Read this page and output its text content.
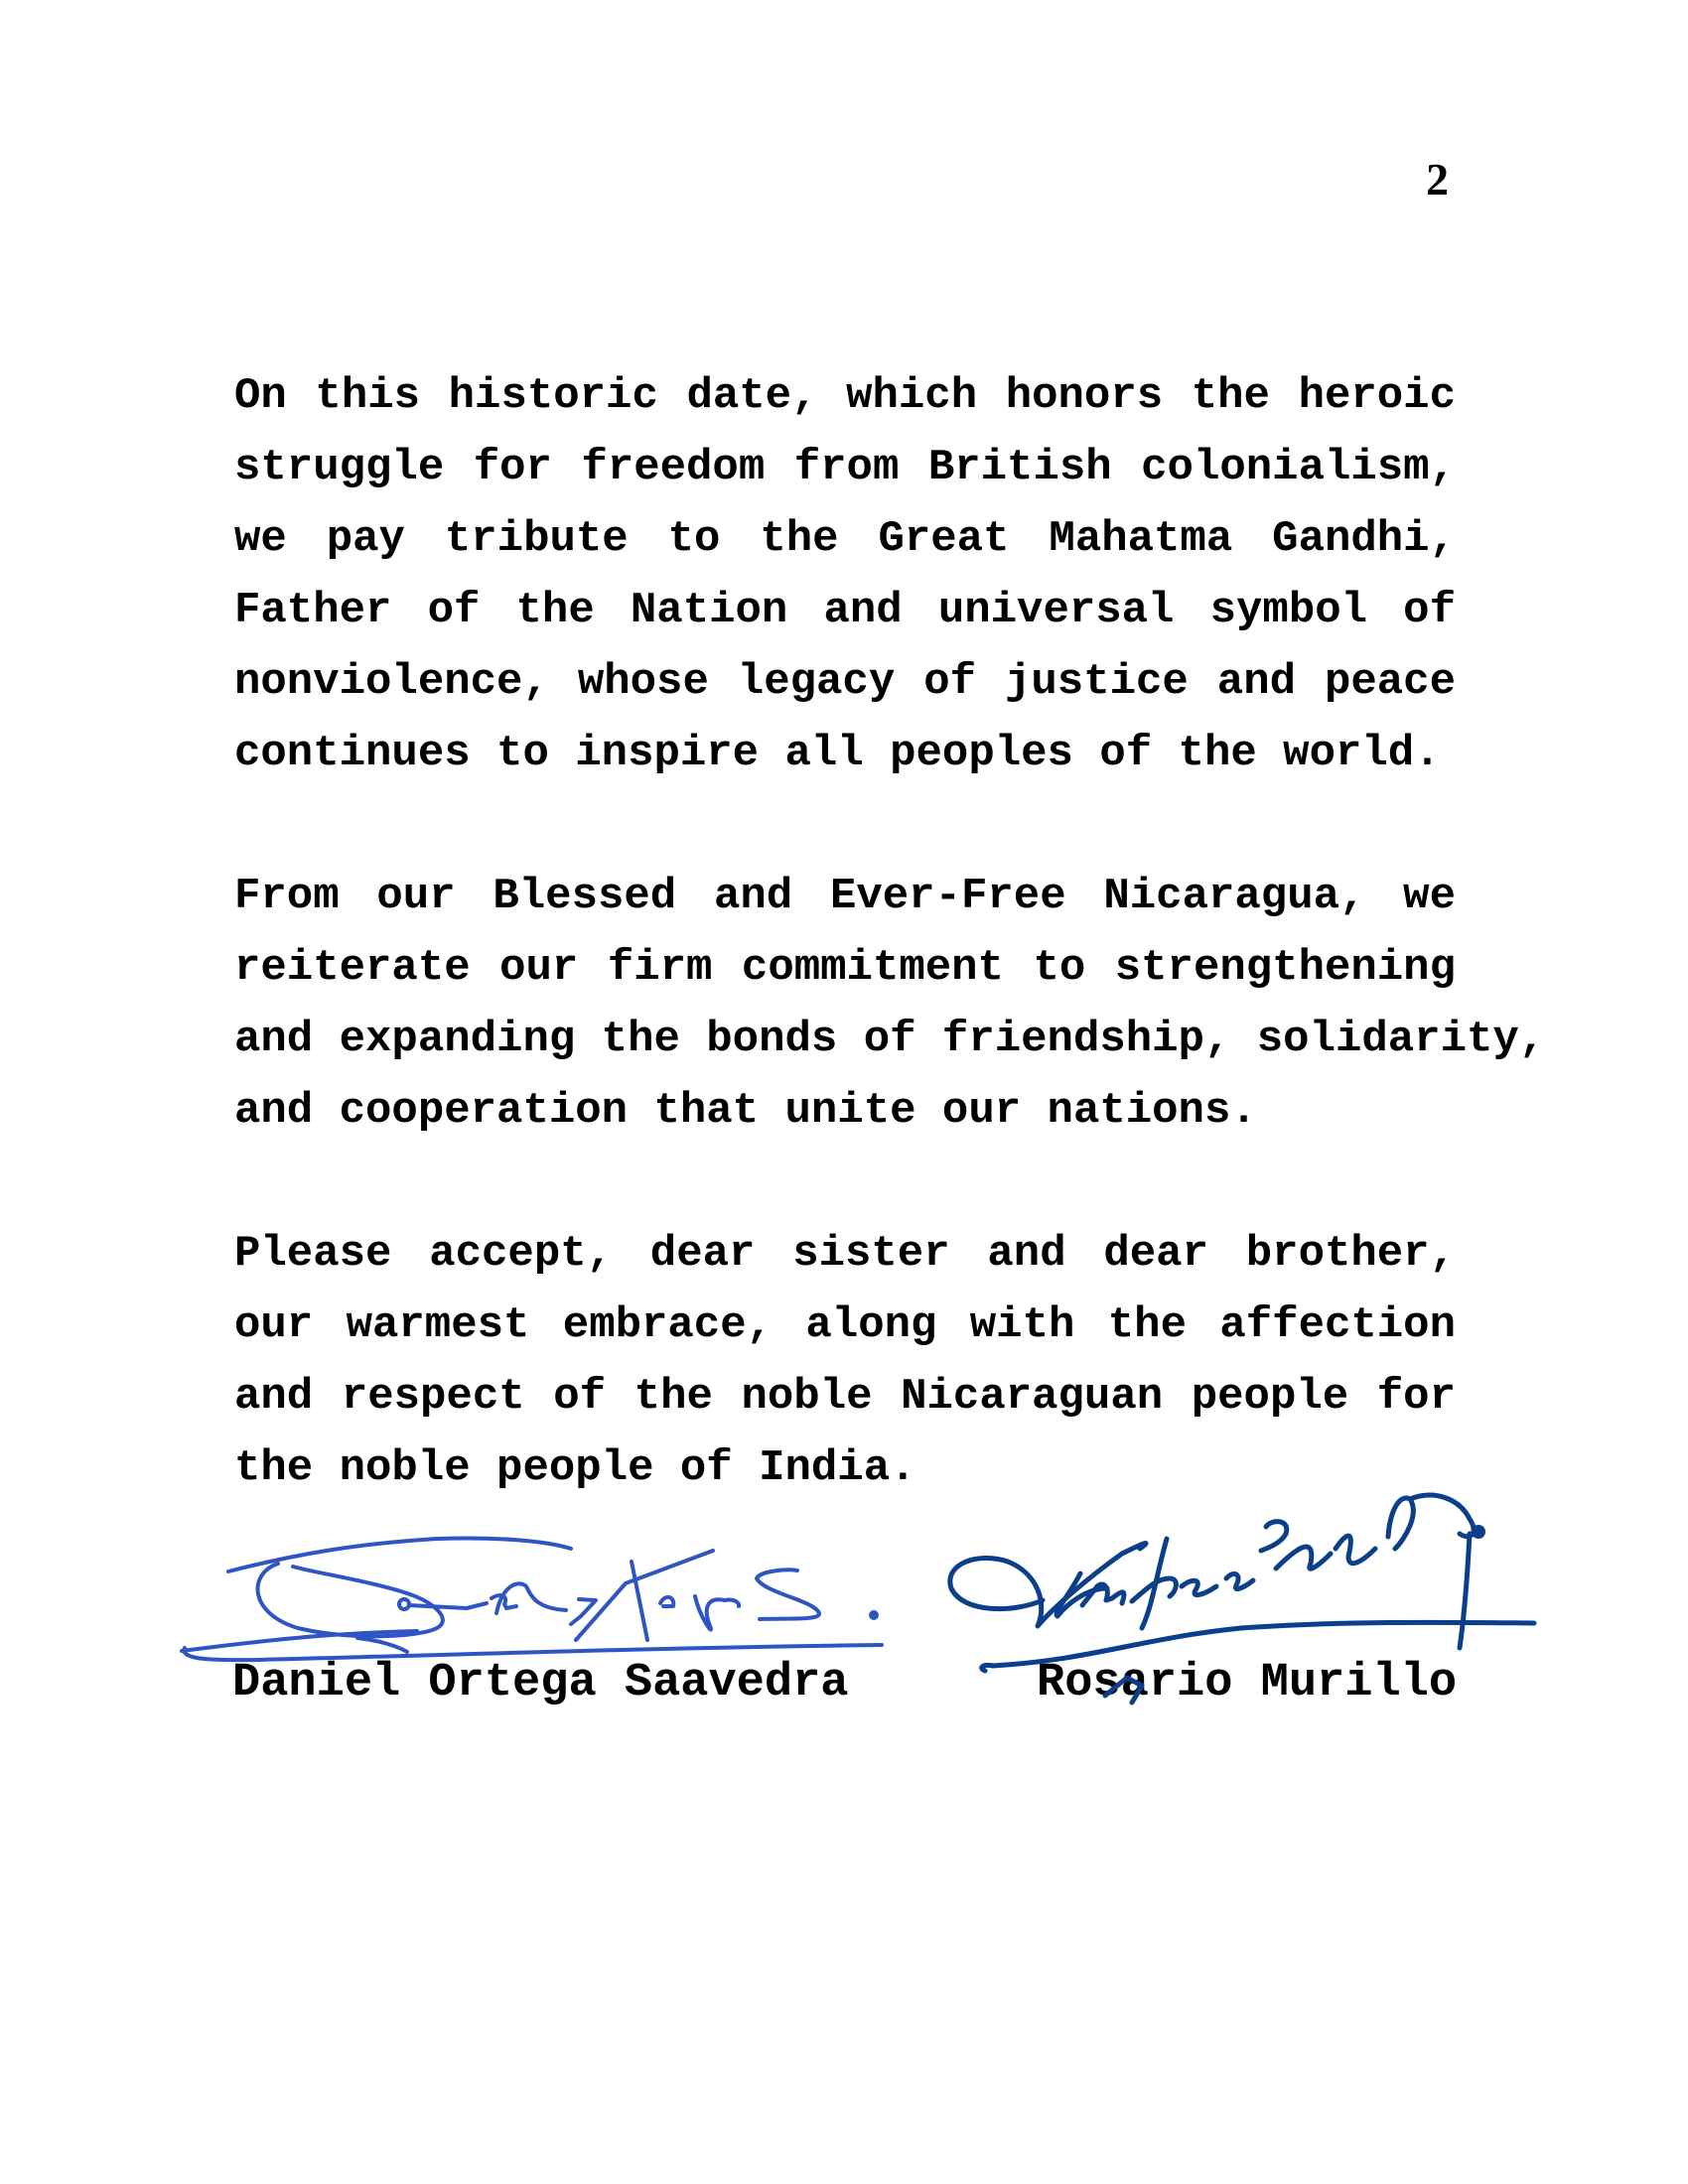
2
On this historic date, which honors the heroic
struggle for freedom from British colonialism,
we pay tribute to the Great Mahatma Gandhi,
Father of the Nation and universal symbol of
nonviolence, whose legacy of justice and peace
continues to inspire all peoples of the world.
From our Blessed and Ever-Free Nicaragua, we
reiterate our firm commitment to strengthening
and expanding the bonds of friendship, solidarity,
and cooperation that unite our nations.
Please accept, dear sister and dear brother,
our warmest embrace, along with the affection
and respect of the noble Nicaraguan people for
the noble people of India.
Daniel Ortega Saavedra	Rosario Murillo
